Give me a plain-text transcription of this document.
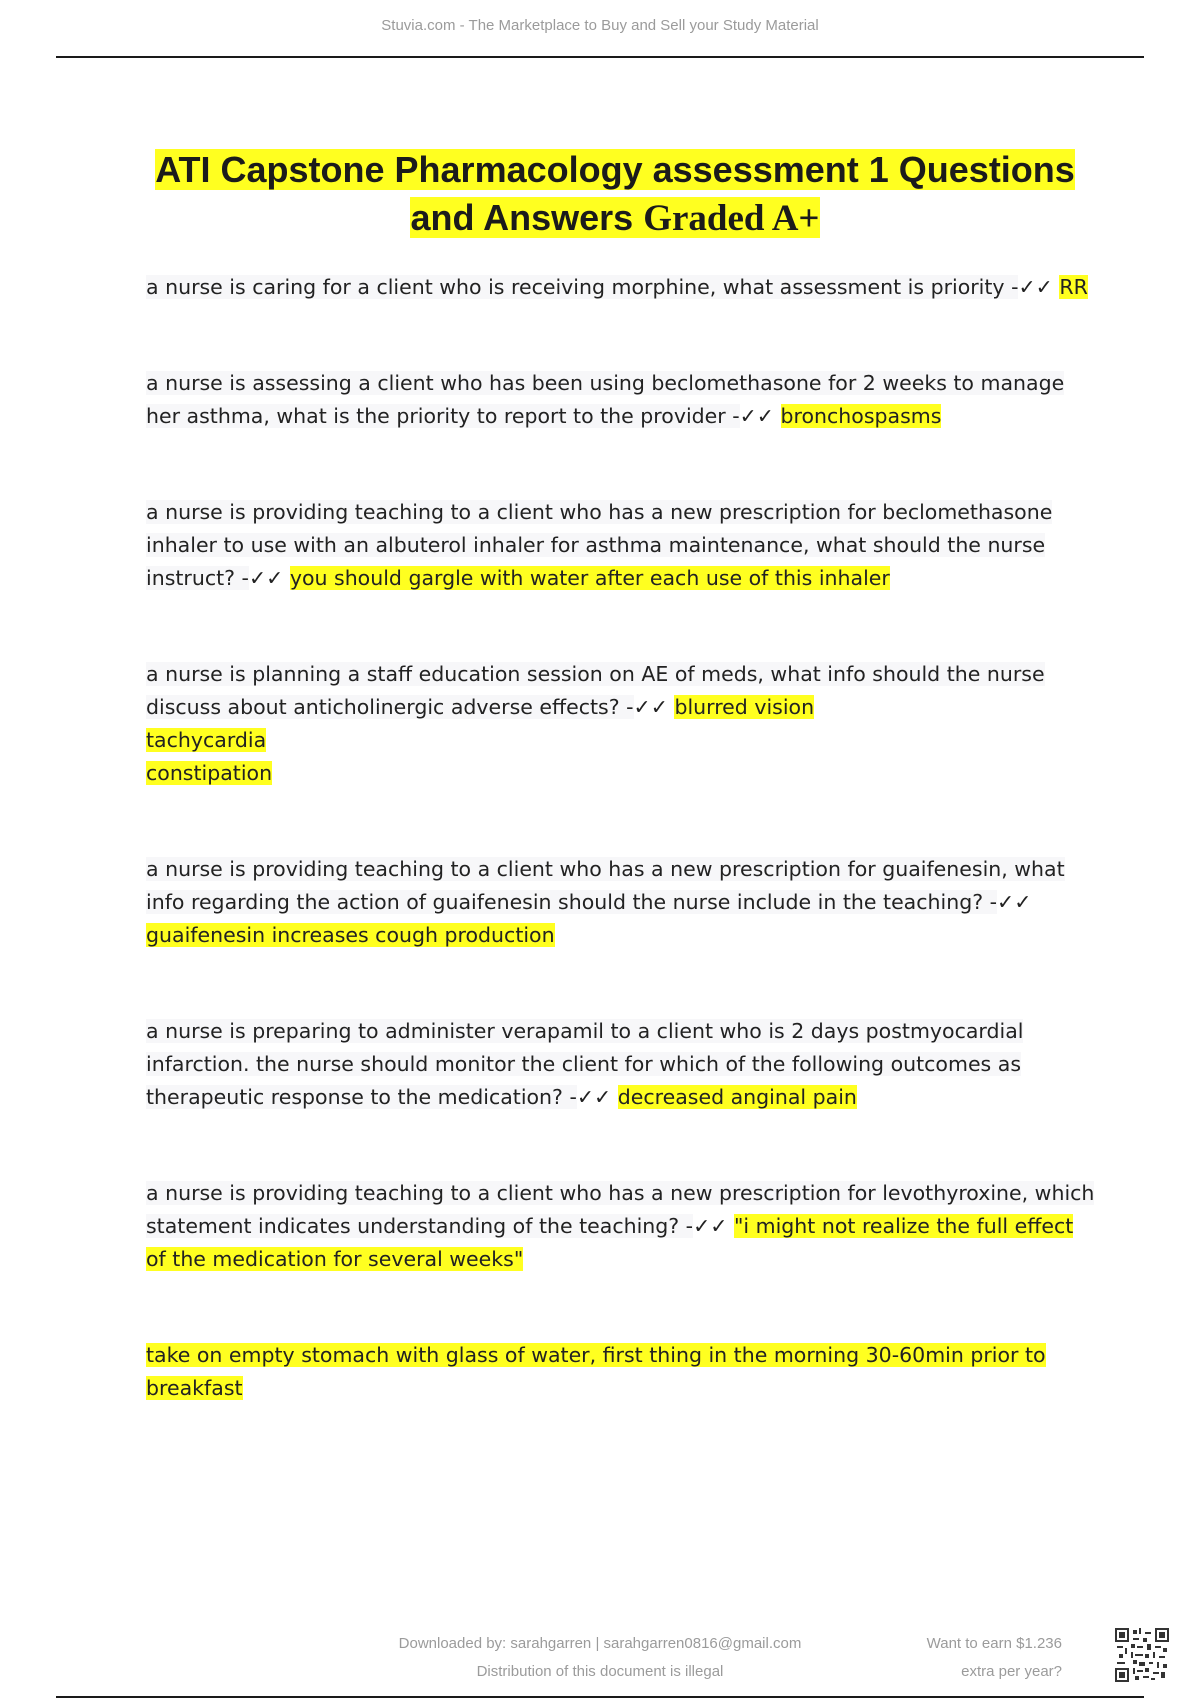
Stuvia.com - The Marketplace to Buy and Sell your Study Material
ATI Capstone Pharmacology assessment 1 Questions
and Answers Graded A+

a nurse is caring for a client who is receiving morphine, what assessment is priority -✓✓ RR

a nurse is assessing a client who has been using beclomethasone for 2 weeks to manage her asthma, what is the priority to report to the provider -✓✓ bronchospasms

a nurse is providing teaching to a client who has a new prescription for beclomethasone inhaler to use with an albuterol inhaler for asthma maintenance, what should the nurse instruct? -✓✓ you should gargle with water after each use of this inhaler

a nurse is planning a staff education session on AE of meds, what info should the nurse discuss about anticholinergic adverse effects? -✓✓ blurred vision

tachycardia

constipation

a nurse is providing teaching to a client who has a new prescription for guaifenesin, what info regarding the action of guaifenesin should the nurse include in the teaching? -✓✓ guaifenesin increases cough production

a nurse is preparing to administer verapamil to a client who is 2 days postmyocardial infarction. the nurse should monitor the client for which of the following outcomes as therapeutic response to the medication? -✓✓ decreased anginal pain

a nurse is providing teaching to a client who has a new prescription for levothyroxine, which statement indicates understanding of the teaching? -✓✓ "i might not realize the full effect of the medication for several weeks"

take on empty stomach with glass of water, first thing in the morning 30-60min prior to breakfast

Downloaded by: sarahgarren | sarahgarren0816@gmail.com
Distribution of this document is illegal
Want to earn $1.236
extra per year?
